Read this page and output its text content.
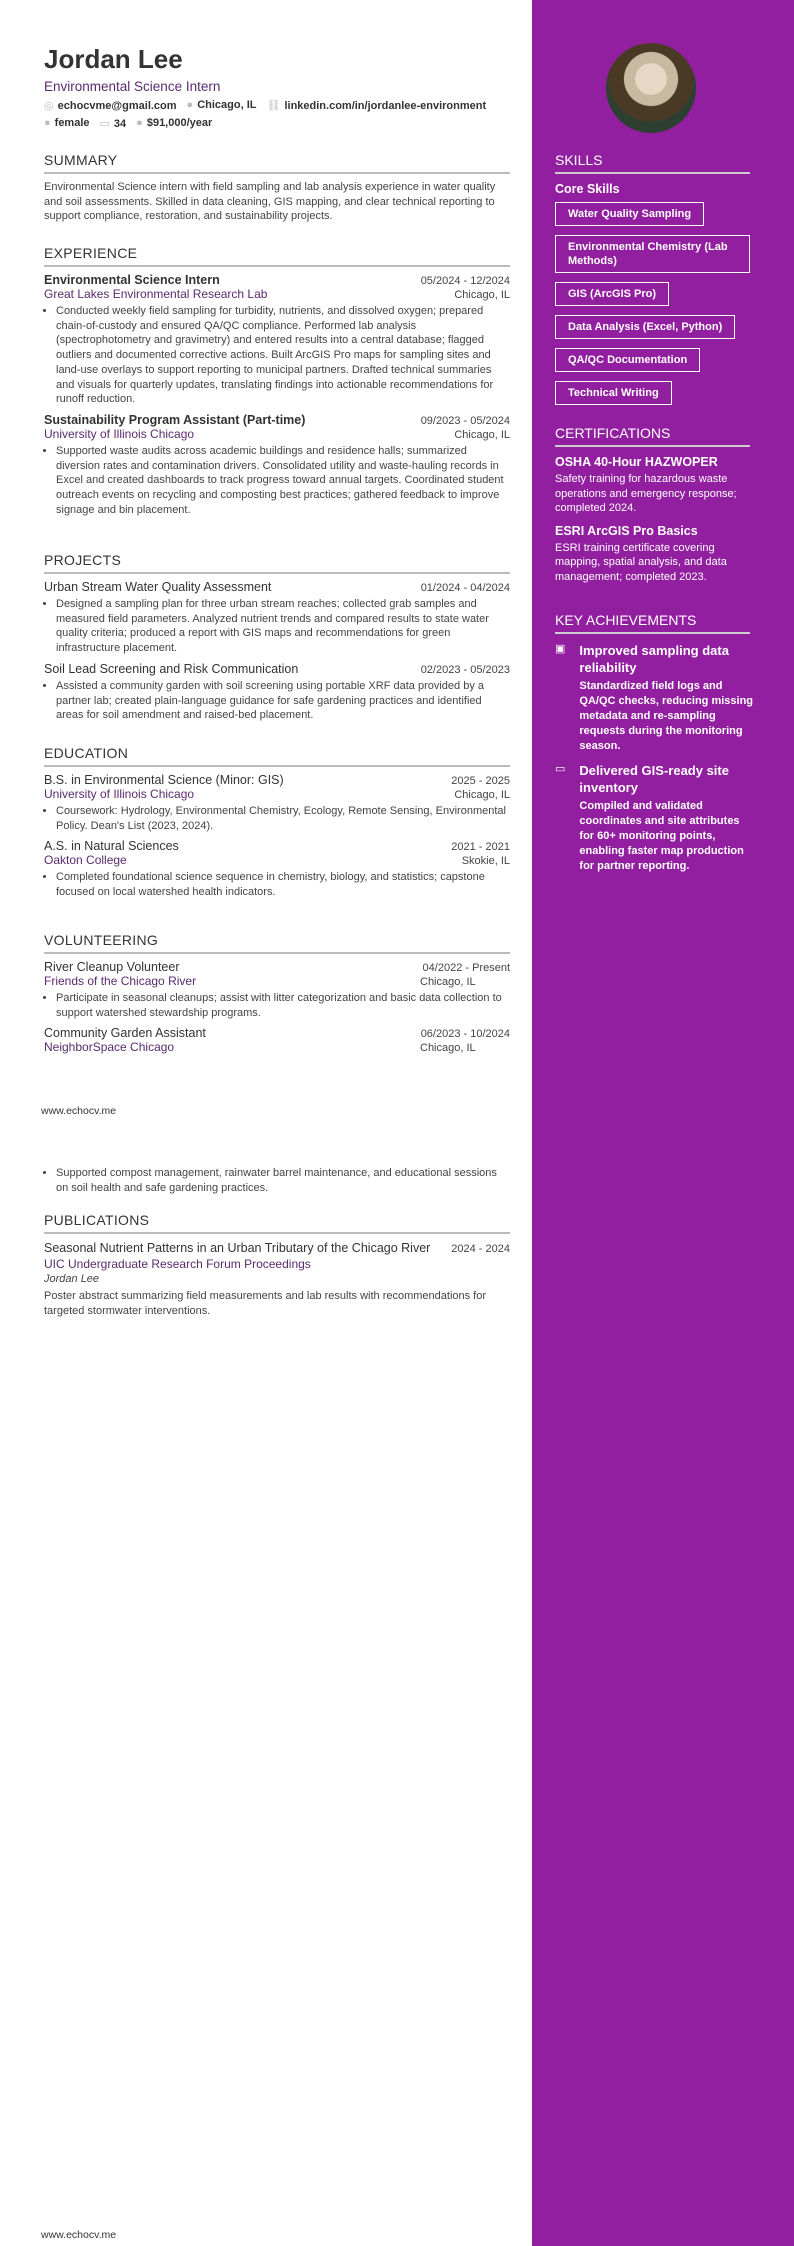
Jordan Lee
Environmental Science Intern
◎ echocvme@gmail.com ● Chicago, IL ⛓ linkedin.com/in/jordanlee-environment
● female ▭ 34 ● $91,000/year
SUMMARY
Environmental Science intern with field sampling and lab analysis experience in water quality and soil assessments. Skilled in data cleaning, GIS mapping, and clear technical reporting to support compliance, restoration, and sustainability projects.
EXPERIENCE
Environmental Science Intern	05/2024 - 12/2024
Great Lakes Environmental Research Lab	Chicago, IL
• Conducted weekly field sampling for turbidity, nutrients, and dissolved oxygen; prepared chain-of-custody and ensured QA/QC compliance. Performed lab analysis (spectrophotometry and gravimetry) and entered results into a central database; flagged outliers and documented corrective actions. Built ArcGIS Pro maps for sampling sites and land-use overlays to support reporting to municipal partners. Drafted technical summaries and visuals for quarterly updates, translating findings into actionable recommendations for runoff reduction.
Sustainability Program Assistant (Part-time)	09/2023 - 05/2024
University of Illinois Chicago	Chicago, IL
• Supported waste audits across academic buildings and residence halls; summarized diversion rates and contamination drivers. Consolidated utility and waste-hauling records in Excel and created dashboards to track progress toward annual targets. Coordinated student outreach events on recycling and composting best practices; gathered feedback to improve signage and bin placement.
PROJECTS
Urban Stream Water Quality Assessment	01/2024 - 04/2024
• Designed a sampling plan for three urban stream reaches; collected grab samples and measured field parameters. Analyzed nutrient trends and compared results to state water quality criteria; produced a report with GIS maps and recommendations for green infrastructure placement.
Soil Lead Screening and Risk Communication	02/2023 - 05/2023
• Assisted a community garden with soil screening using portable XRF data provided by a partner lab; created plain-language guidance for safe gardening practices and identified areas for soil amendment and raised-bed placement.
EDUCATION
B.S. in Environmental Science (Minor: GIS)	2025 - 2025
University of Illinois Chicago	Chicago, IL
• Coursework: Hydrology, Environmental Chemistry, Ecology, Remote Sensing, Environmental Policy. Dean's List (2023, 2024).
A.S. in Natural Sciences	2021 - 2021
Oakton College	Skokie, IL
• Completed foundational science sequence in chemistry, biology, and statistics; capstone focused on local watershed health indicators.
VOLUNTEERING
River Cleanup Volunteer	04/2022 - Present
Friends of the Chicago River	Chicago, IL
• Participate in seasonal cleanups; assist with litter categorization and basic data collection to support watershed stewardship programs.
Community Garden Assistant	06/2023 - 10/2024
NeighborSpace Chicago	Chicago, IL
www.echocv.me
• Supported compost management, rainwater barrel maintenance, and educational sessions on soil health and safe gardening practices.
PUBLICATIONS
Seasonal Nutrient Patterns in an Urban Tributary of the Chicago River	2024 - 2024
UIC Undergraduate Research Forum Proceedings
Jordan Lee
Poster abstract summarizing field measurements and lab results with recommendations for targeted stormwater interventions.
www.echocv.me
SKILLS
Core Skills
Water Quality Sampling
Environmental Chemistry (Lab Methods)
GIS (ArcGIS Pro)
Data Analysis (Excel, Python)
QA/QC Documentation
Technical Writing
CERTIFICATIONS
OSHA 40-Hour HAZWOPER
Safety training for hazardous waste operations and emergency response; completed 2024.
ESRI ArcGIS Pro Basics
ESRI training certificate covering mapping, spatial analysis, and data management; completed 2023.
KEY ACHIEVEMENTS
▣ Improved sampling data reliability
Standardized field logs and QA/QC checks, reducing missing metadata and re-sampling requests during the monitoring season.
▭ Delivered GIS-ready site inventory
Compiled and validated coordinates and site attributes for 60+ monitoring points, enabling faster map production for partner reporting.
